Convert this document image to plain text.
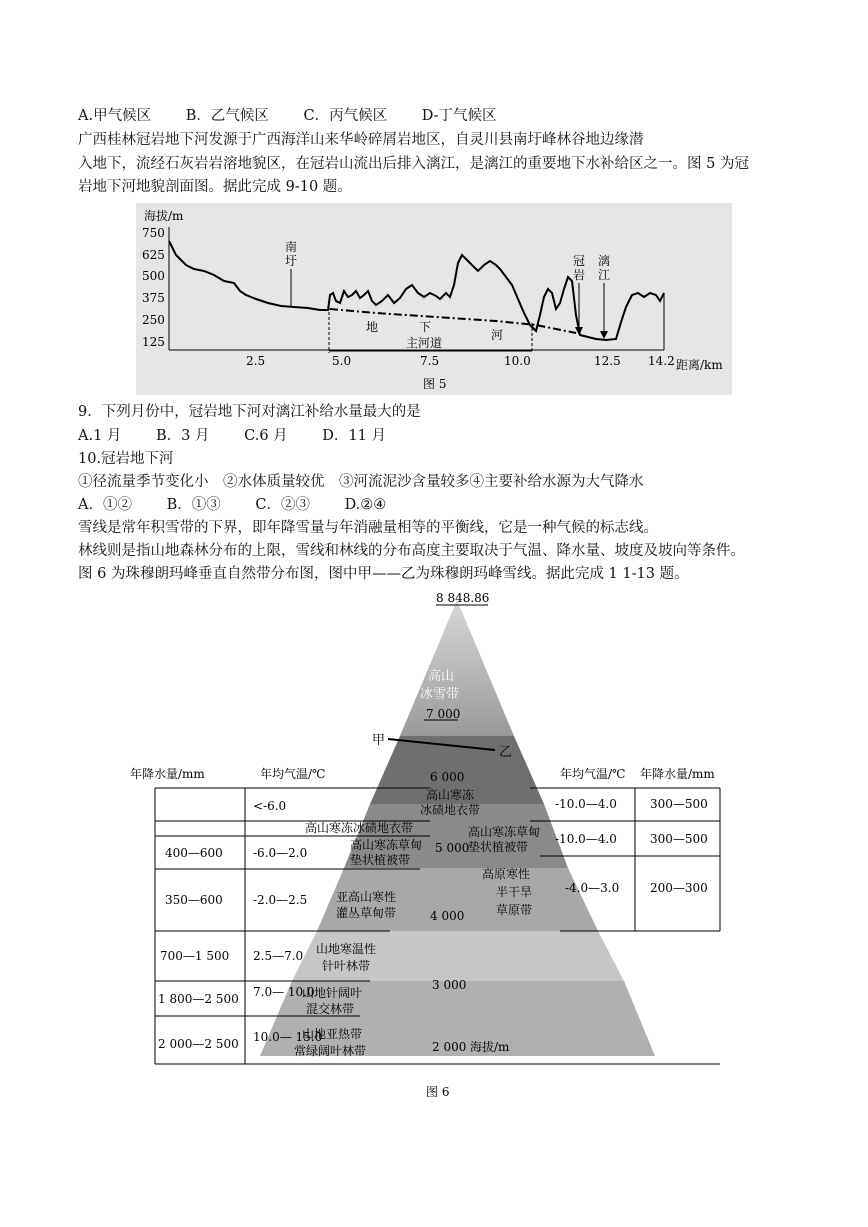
A.甲气候区 B．乙气候区 C．丙气候区 D-丁气候区
广西桂林冠岩地下河发源于广西海洋山来华岭碎屑岩地区，自灵川县南圩峰林谷地边缘潜
入地下，流经石灰岩岩溶地貌区，在冠岩山流出后排入漓江，是漓江的重要地下水补给区之一。图 5 为冠
岩地下河地貌剖面图。据此完成 9-10 题。
海拔/m
750
625
500
375
250
125
2.5	5.0	7.5	10.0	12.5 14.2 距离/km
主河道
地	下
河
南
圩	冠
岩
漓
江
图 5
9．下列月份中，冠岩地下河对漓江补给水量最大的是
A.1 月 B．3 月 C.6 月 D．11 月
10.冠岩地下河
①径流量季节变化小　②水体质量较优　③河流泥沙含量较多④主要补给水源为大气降水
A．①② B．①③ C．②③ D.②④
雪线是常年积雪带的下界，即年降雪量与年消融量相等的平衡线，它是一种气候的标志线。
林线则是指山地森林分布的上限，雪线和林线的分布高度主要取决于气温、降水量、坡度及坡向等条件。
图 6 为珠穆朗玛峰垂直自然带分布图，图中甲——乙为珠穆朗玛峰雪线。据此完成 1 1-13 题。
8 848.86
高山
冰雪带
7 000
甲
乙
年降水量/mm	年均气温/℃	年均气温/℃ 年降水量/mm
<-6.0
400—600	-6.0—2.0
350—600	-2.0—2.5
700—1 500 2.5—7.0
1 800—2 500 7.0— 10.0
2 000—2 500 10.0— 15.0
-10.0—4.0	300—500
-10.0—4.0	300—500
-4.0—3.0	200—300
6 000
5 000
4 000
3 000
2 000 海拔/m
高山寒冻
冰碛地衣带
高山寒冻冰碛地衣带
高山寒冻草甸
垫状植被带
高山寒冻草甸
垫状植被带
高原寒性
半干旱
草原带
亚高山寒性
灌丛草甸带
山地寒温性
针叶林带
山地针阔叶
混交林带
山地亚热带
常绿阔叶林带
图 6
